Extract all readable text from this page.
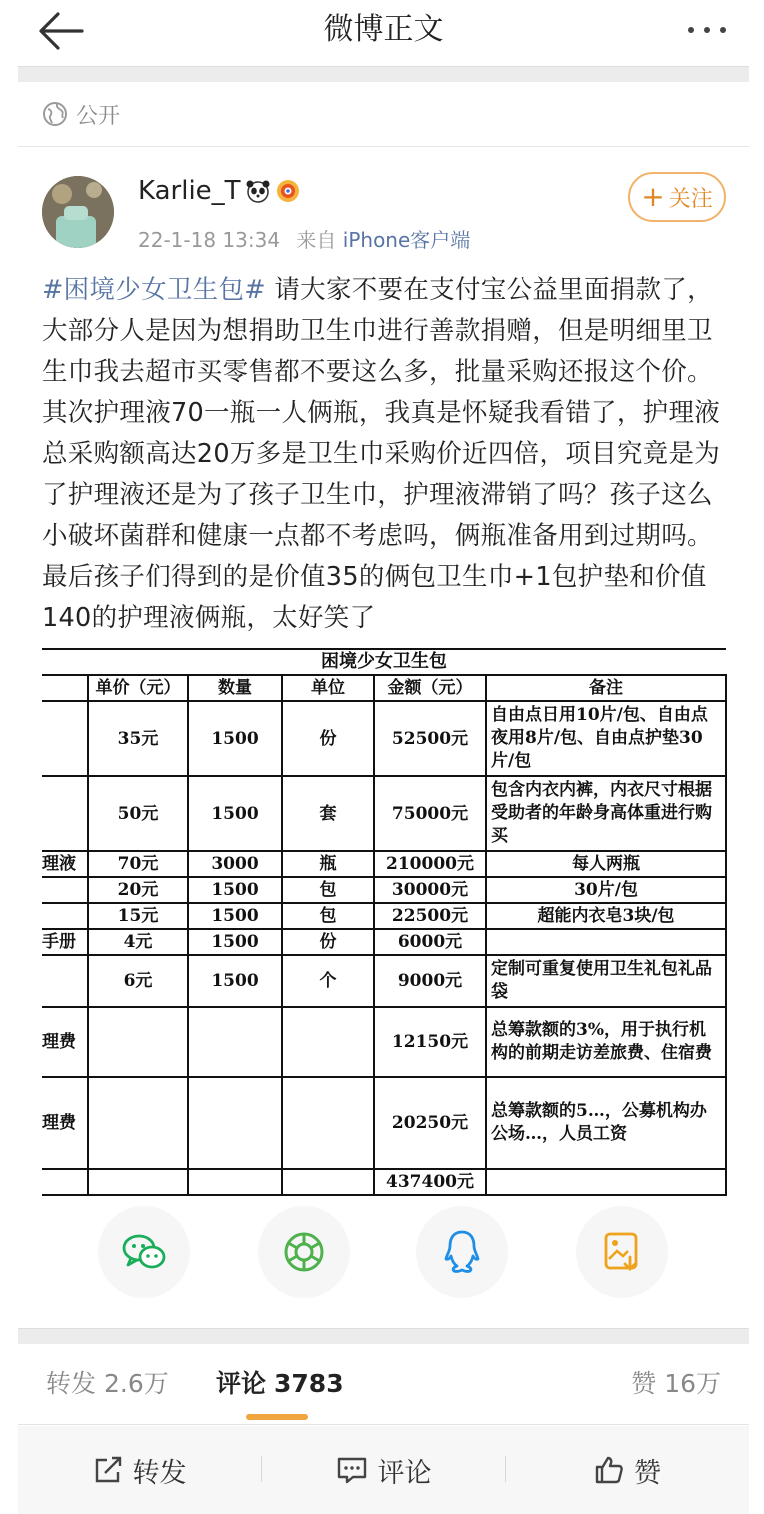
微博正文
公开
Karlie_T
22-1-18 13:34 来自 iPhone客户端
+ 关注
#困境少女卫生包# 请大家不要在支付宝公益里面捐款了，大部分人是因为想捐助卫生巾进行善款捐赠，但是明细里卫生巾我去超市买零售都不要这么多，批量采购还报这个价。其次护理液70一瓶一人俩瓶，我真是怀疑我看错了，护理液总采购额高达20万多是卫生巾采购价近四倍，项目究竟是为了护理液还是为了孩子卫生巾，护理液滞销了吗？孩子这么小破坏菌群和健康一点都不考虑吗，俩瓶准备用到过期吗。最后孩子们得到的是价值35的俩包卫生巾+1包护垫和价值140的护理液俩瓶，太好笑了
困境少女卫生包					
	单价（元）	数量	单位	金额（元）	备注
	35元	1500	份	52500元	自由点日用10片/包、自由点夜用8片/包、自由点护垫30片/包
	50元	1500	套	75000元	包含内衣内裤，内衣尺寸根据受助者的年龄身高体重进行购买
理液	70元	3000	瓶	210000元	每人两瓶
	20元	1500	包	30000元	30片/包
	15元	1500	包	22500元	超能内衣皂3块/包
手册	4元	1500	份	6000元	
	6元	1500	个	9000元	定制可重复使用卫生礼包礼品袋
理费				12150元	总筹款额的3%，用于执行机构的前期走访差旅费、住宿费
理费				20250元	总筹款额的5…，公募机构办公场…，人员工资
				437400元	
转发 2.6万 评论 3783	赞 16万
转发	评论	赞
